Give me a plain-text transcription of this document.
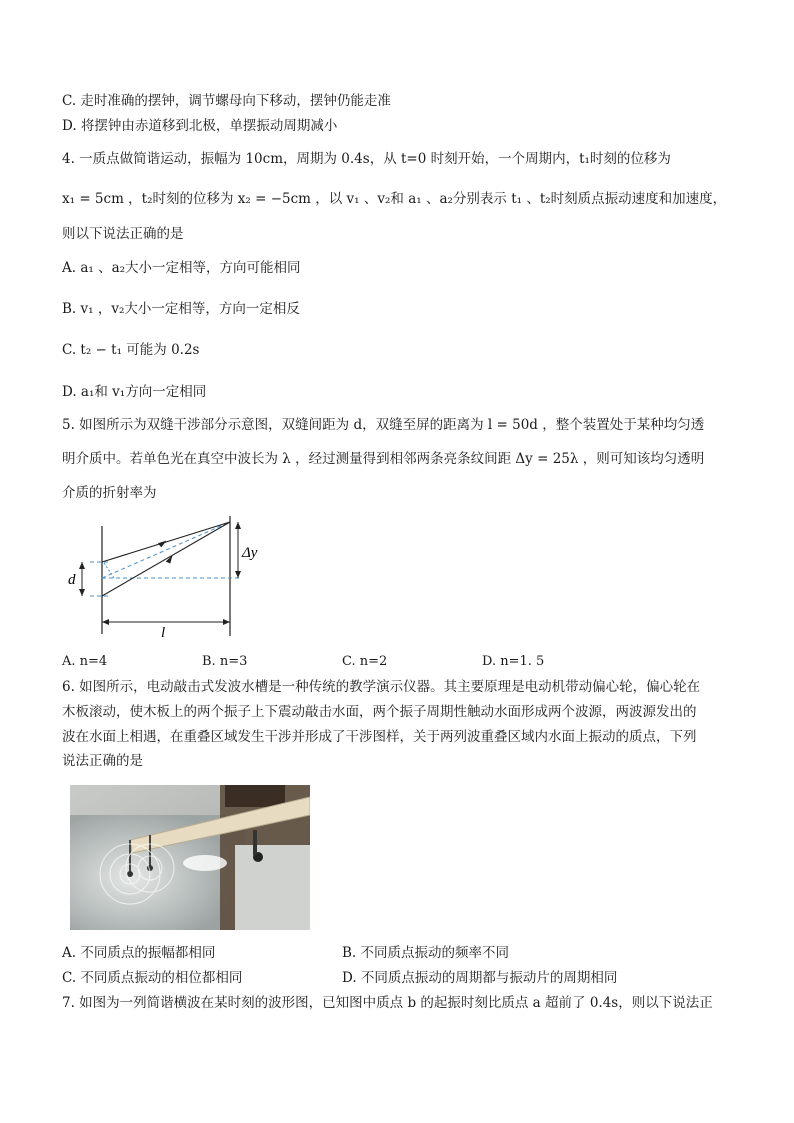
C. 走时准确的摆钟，调节螺母向下移动，摆钟仍能走准
D. 将摆钟由赤道移到北极，单摆振动周期减小
4. 一质点做简谐运动，振幅为 10cm，周期为 0.4s，从 t=0 时刻开始，一个周期内，t₁时刻的位移为
x₁ = 5cm ，t₂时刻的位移为 x₂ = −5cm ，以 v₁ 、v₂和 a₁ 、a₂分别表示 t₁ 、t₂时刻质点振动速度和加速度，
则以下说法正确的是
A. a₁ 、a₂大小一定相等，方向可能相同
B. v₁ ，v₂大小一定相等，方向一定相反
C. t₂ − t₁ 可能为 0.2s
D. a₁和 v₁方向一定相同
5. 如图所示为双缝干涉部分示意图，双缝间距为 d，双缝至屏的距离为 l = 50d ，整个装置处于某种均匀透
明介质中。若单色光在真空中波长为 λ ，经过测量得到相邻两条亮条纹间距 Δy = 25λ ，则可知该均匀透明
介质的折射率为
d
Δy
l
A. n=4	B. n=3	C. n=2	D. n=1. 5
6. 如图所示，电动敲击式发波水槽是一种传统的教学演示仪器。其主要原理是电动机带动偏心轮，偏心轮在
木板滚动，使木板上的两个振子上下震动敲击水面，两个振子周期性触动水面形成两个波源，两波源发出的
波在水面上相遇，在重叠区域发生干涉并形成了干涉图样，关于两列波重叠区域内水面上振动的质点，下列
说法正确的是
A. 不同质点的振幅都相同	B. 不同质点振动的频率不同
C. 不同质点振动的相位都相同	D. 不同质点振动的周期都与振动片的周期相同
7. 如图为一列简谐横波在某时刻的波形图，已知图中质点 b 的起振时刻比质点 a 超前了 0.4s，则以下说法正
